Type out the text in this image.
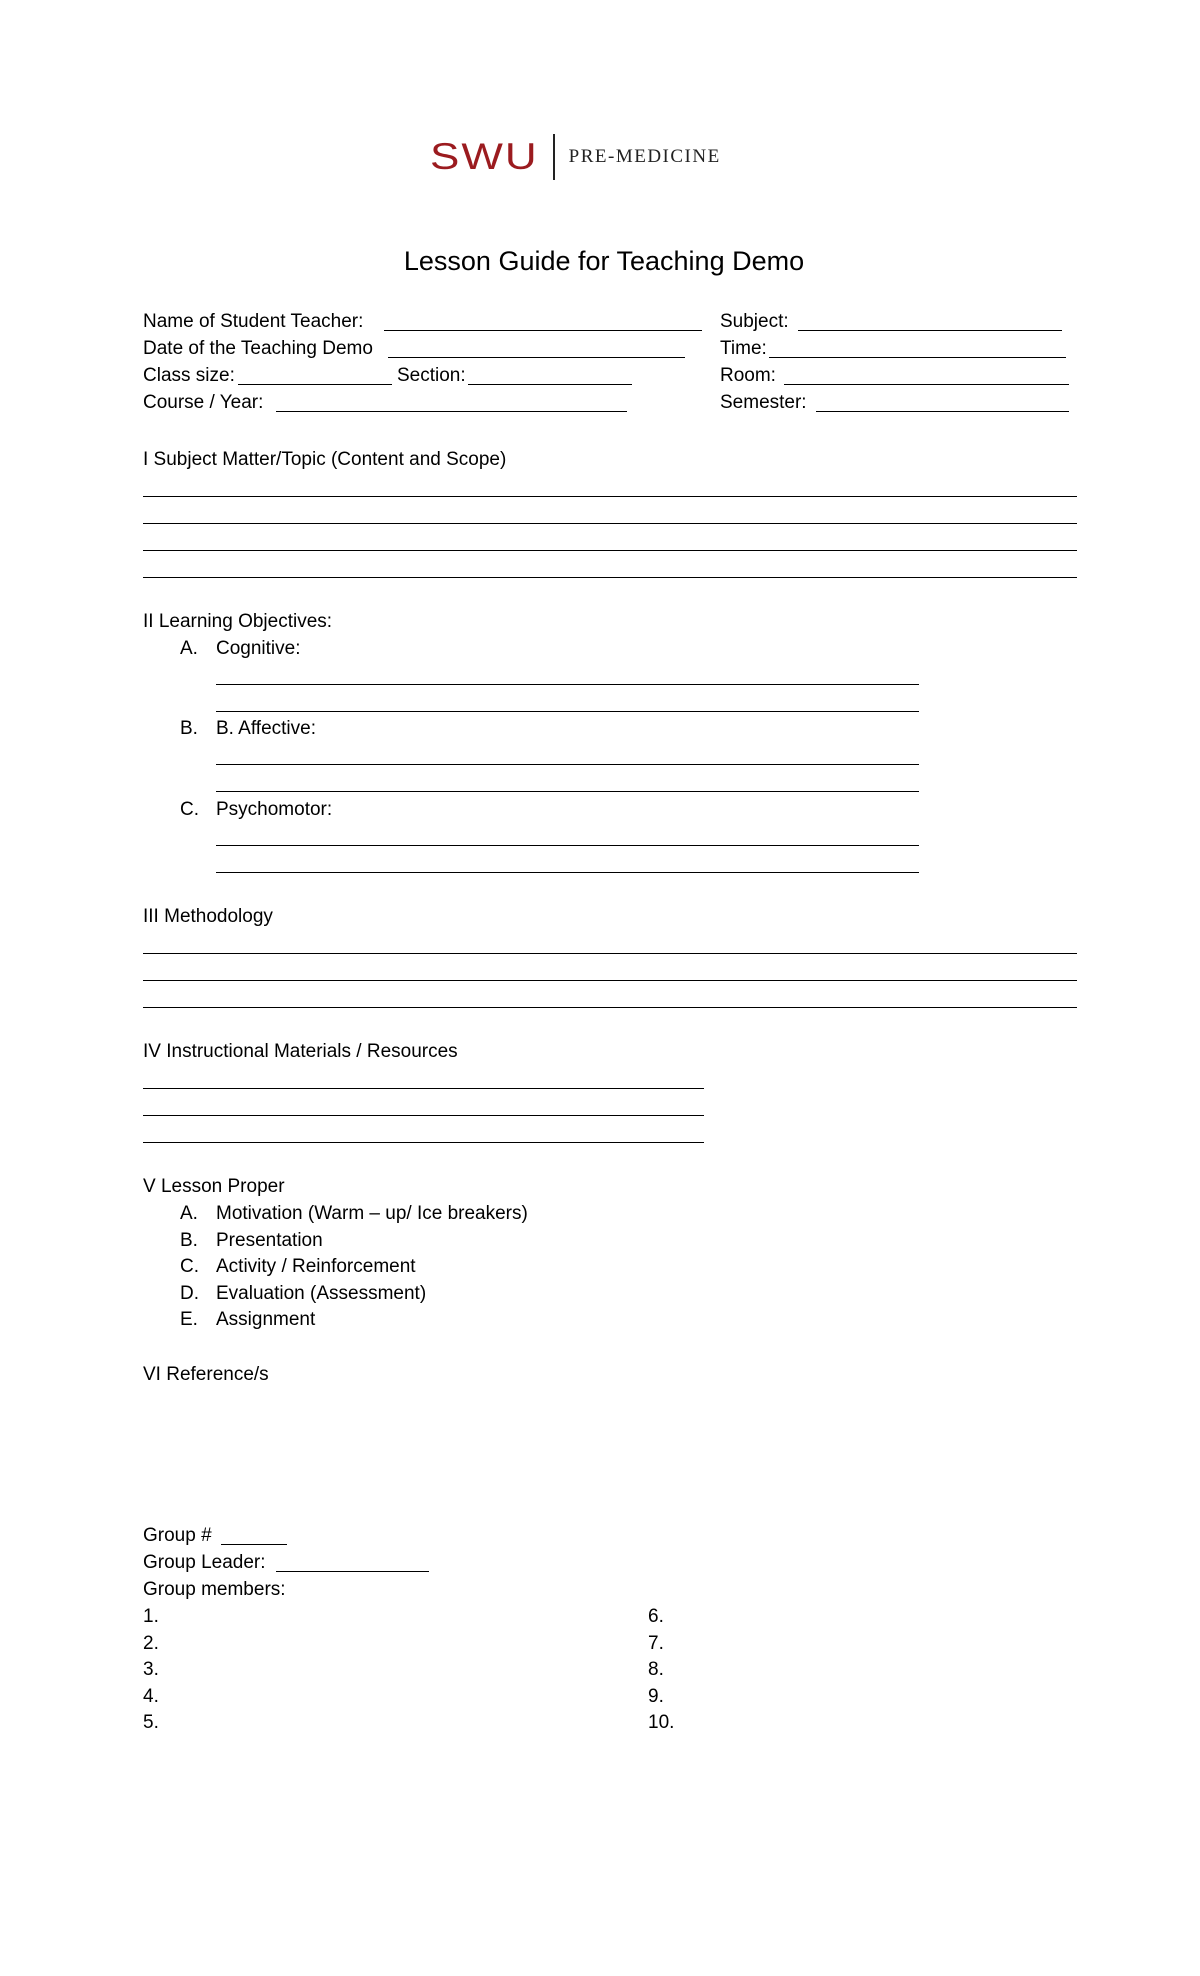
SWU PRE-MEDICINE
Lesson Guide for Teaching Demo
Name of Student Teacher:	Subject:
Date of the Teaching Demo	Time:
Class size:	Section:	Room:
Course / Year:	Semester:
I Subject Matter/Topic (Content and Scope)
II Learning Objectives:
A. Cognitive:
B. B. Affective:
C. Psychomotor:
III Methodology
IV Instructional Materials / Resources
V Lesson Proper
A. Motivation (Warm – up/ Ice breakers)
B. Presentation
C. Activity / Reinforcement
D. Evaluation (Assessment)
E. Assignment
VI Reference/s
Group #
Group Leader:
Group members:
1.
2.
3.
4.
5.
6.
7.
8.
9.
10.
